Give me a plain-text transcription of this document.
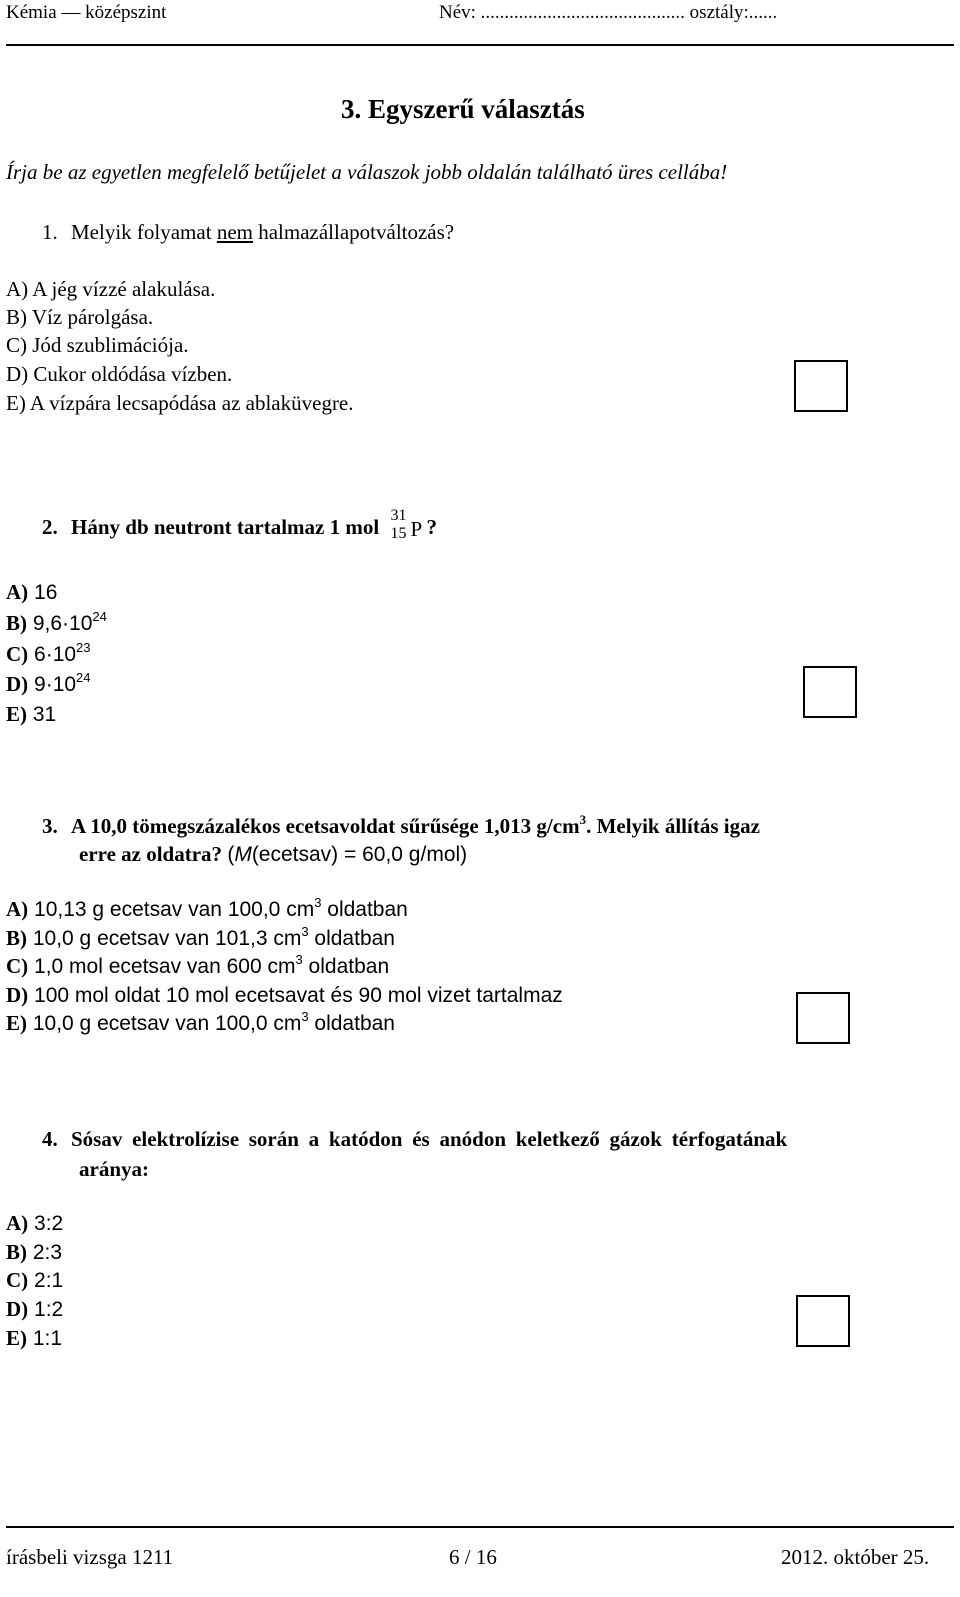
Kémia — középszint	Név: ........................................... osztály:......
3. Egyszerű választás
Írja be az egyetlen megfelelő betűjelet a válaszok jobb oldalán található üres cellába!
1. Melyik folyamat nem halmazállapotváltozás?
A) A jég vízzé alakulása.
B) Víz párolgása.
C) Jód szublimációja.
D) Cukor oldódása vízben.
E) A vízpára lecsapódása az ablaküvegre.
2. Hány db neutront tartalmaz 1 mol 31
15 P ?
A) 16
B) $9,6\cdot 10^{24}$
C) $6\cdot 10^{23}$
D) $9\cdot 10^{24}$
E) 31
3. A 10,0 tömegszázalékos ecetsavoldat sűrűsége 1,013 $g/cm^3$. Melyik állítás igaz
erre az oldatra? (M(ecetsav) = 60,0 g/mol)
A) 10,13 g ecetsav van 100,0 $cm^3$ oldatban
B) 10,0 g ecetsav van 101,3 $cm^3$ oldatban
C) 1,0 mol ecetsav van 600 $cm^3$ oldatban
D) 100 mol oldat 10 mol ecetsavat és 90 mol vizet tartalmaz
E) 10,0 g ecetsav van 100,0 $cm^3$ oldatban
4. Sósav elektrolízise során a katódon és anódon keletkező gázok térfogatának
aránya:
A) 3:2
B) 2:3
C) 2:1
D) 1:2
E) 1:1
írásbeli vizsga 1211	6 / 16	2012. október 25.
